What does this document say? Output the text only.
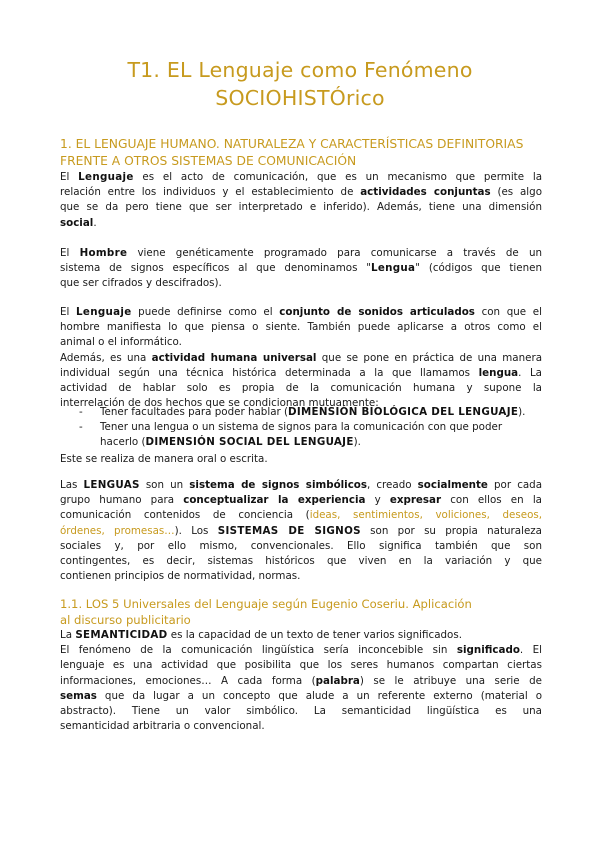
T1. EL Lenguaje como Fenómeno
SOCIOHISTÓrico
1. EL LENGUAJE HUMANO. NATURALEZA Y CARACTERÍSTICAS DEFINITORIAS
FRENTE A OTROS SISTEMAS DE COMUNICACIÓN
El Lenguaje es el acto de comunicación, que es un mecanismo que permite la
relación entre los individuos y el establecimiento de actividades conjuntas (es algo
que se da pero tiene que ser interpretado e inferido). Además, tiene una dimensión
social.
El Hombre viene genéticamente programado para comunicarse a través de un
sistema de signos específicos al que denominamos "Lengua" (códigos que tienen
que ser cifrados y descifrados).
El Lenguaje puede definirse como el conjunto de sonidos articulados con que el
hombre manifiesta lo que piensa o siente. También puede aplicarse a otros como el
animal o el informático.
Además, es una actividad humana universal que se pone en práctica de una manera
individual según una técnica histórica determinada a la que llamamos lengua. La
actividad de hablar solo es propia de la comunicación humana y supone la
interrelación de dos hechos que se condicionan mutuamente:
- Tener facultades para poder hablar (DIMENSIÓN BIOLÓGICA DEL LENGUAJE).
- Tener una lengua o un sistema de signos para la comunicación con que poder
hacerlo (DIMENSIÓN SOCIAL DEL LENGUAJE).
Este se realiza de manera oral o escrita.
Las LENGUAS son un sistema de signos simbólicos, creado socialmente por cada
grupo humano para conceptualizar la experiencia y expresar con ellos en la
comunicación contenidos de conciencia (ideas, sentimientos, voliciones, deseos,
órdenes, promesas…). Los SISTEMAS DE SIGNOS son por su propia naturaleza
sociales y, por ello mismo, convencionales. Ello significa también que son
contingentes, es decir, sistemas históricos que viven en la variación y que
contienen principios de normatividad, normas.
1.1. LOS 5 Universales del Lenguaje según Eugenio Coseriu. Aplicación
al discurso publicitario
La SEMANTICIDAD es la capacidad de un texto de tener varios significados.
El fenómeno de la comunicación lingüística sería inconcebible sin significado. El
lenguaje es una actividad que posibilita que los seres humanos compartan ciertas
informaciones, emociones… A cada forma (palabra) se le atribuye una serie de
semas que da lugar a un concepto que alude a un referente externo (material o
abstracto). Tiene un valor simbólico. La semanticidad lingüística es una
semanticidad arbitraria o convencional.
